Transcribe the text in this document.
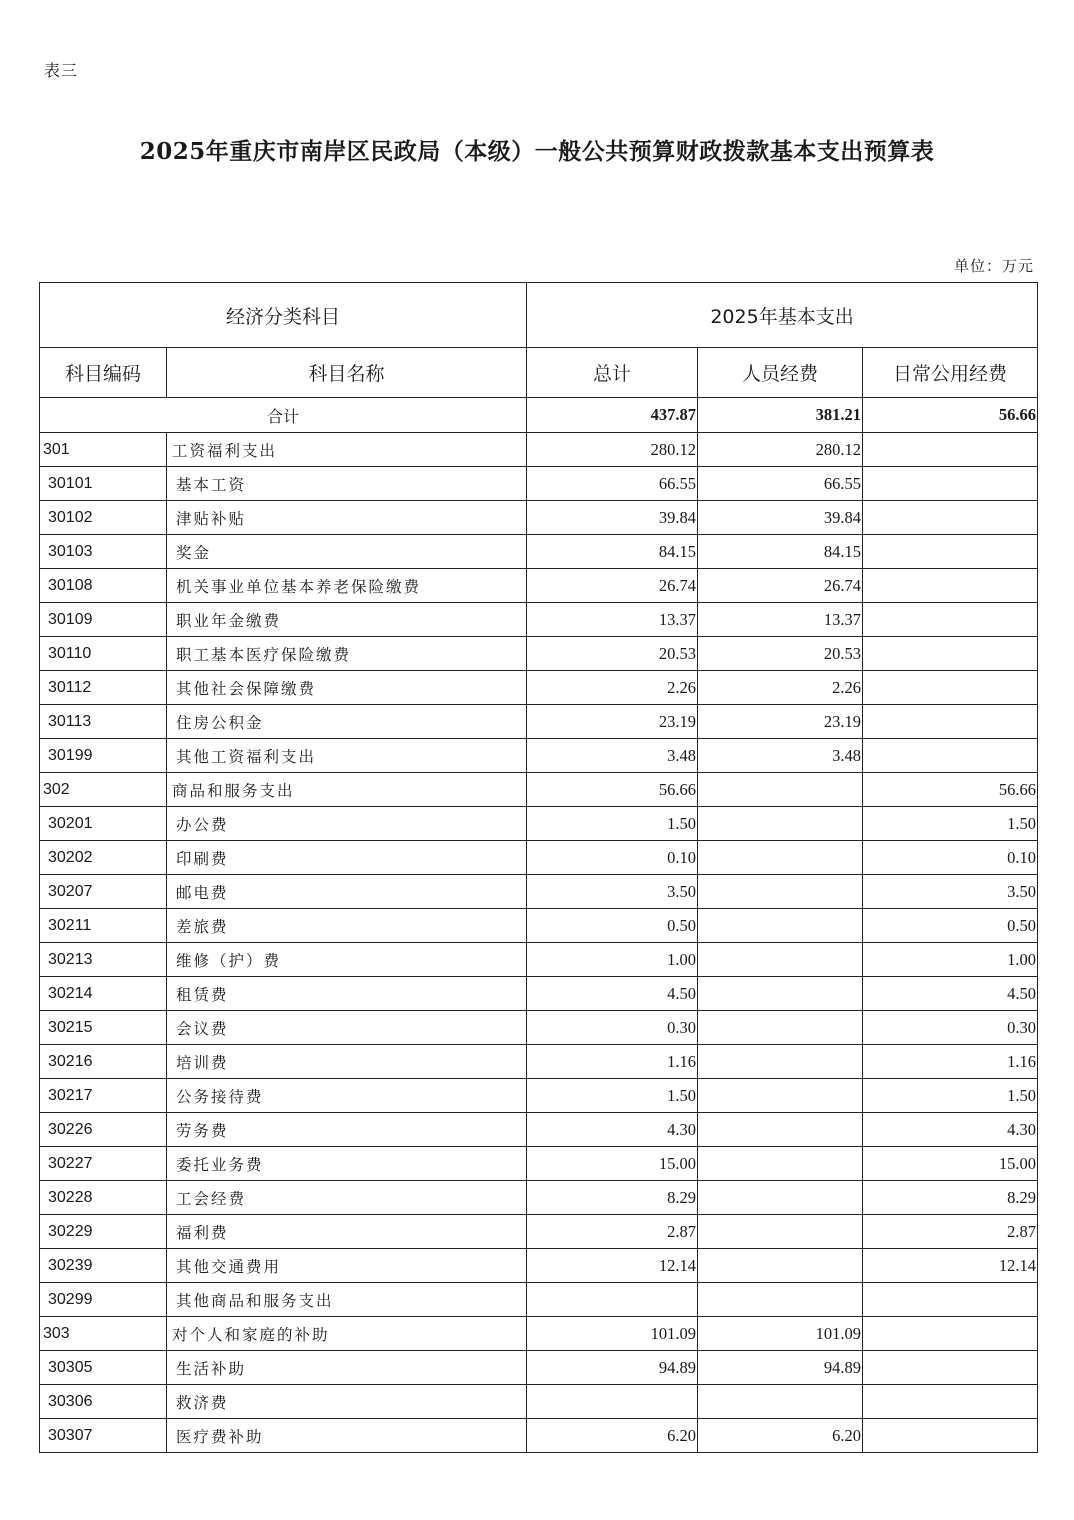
表三
2025年重庆市南岸区民政局（本级）一般公共预算财政拨款基本支出预算表
单位：万元
经济分类科目		2025年基本支出		
科目编码	科目名称	总计	人员经费	日常公用经费
合计		437.87	381.21	56.66
301	工资福利支出	280.12	280.12	
30101	基本工资	66.55	66.55	
30102	津贴补贴	39.84	39.84	
30103	奖金	84.15	84.15	
30108	机关事业单位基本养老保险缴费	26.74	26.74	
30109	职业年金缴费	13.37	13.37	
30110	职工基本医疗保险缴费	20.53	20.53	
30112	其他社会保障缴费	2.26	2.26	
30113	住房公积金	23.19	23.19	
30199	其他工资福利支出	3.48	3.48	
302	商品和服务支出	56.66		56.66
30201	办公费	1.50		1.50
30202	印刷费	0.10		0.10
30207	邮电费	3.50		3.50
30211	差旅费	0.50		0.50
30213	维修（护）费	1.00		1.00
30214	租赁费	4.50		4.50
30215	会议费	0.30		0.30
30216	培训费	1.16		1.16
30217	公务接待费	1.50		1.50
30226	劳务费	4.30		4.30
30227	委托业务费	15.00		15.00
30228	工会经费	8.29		8.29
30229	福利费	2.87		2.87
30239	其他交通费用	12.14		12.14
30299	其他商品和服务支出			
303	对个人和家庭的补助	101.09	101.09	
30305	生活补助	94.89	94.89	
30306	救济费			
30307	医疗费补助	6.20	6.20	
